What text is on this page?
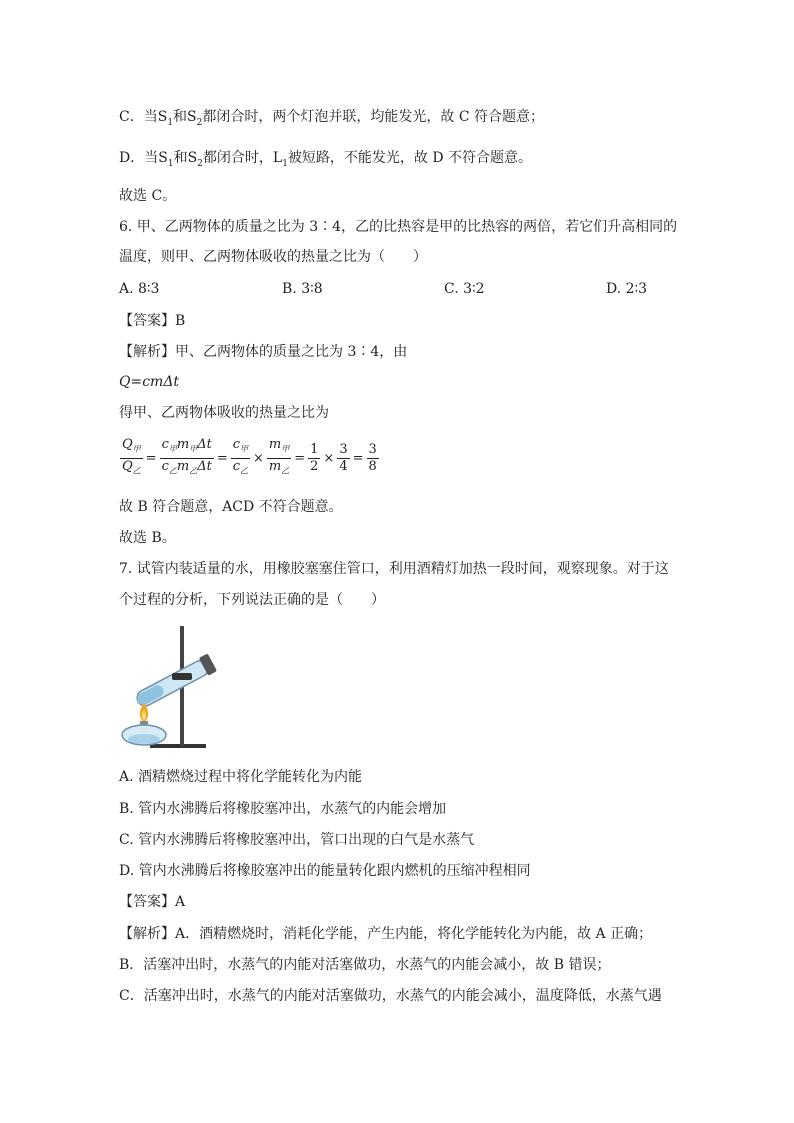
C．当$S_1$和$S_2$都闭合时，两个灯泡并联，均能发光，故 C 符合题意；
D．当$S_1$和$S_2$都闭合时，$L_1$被短路，不能发光，故 D 不符合题意。
故选 C。
6. 甲、乙两物体的质量之比为 3∶4，乙的比热容是甲的比热容的两倍，若它们升高相同的
温度，则甲、乙两物体吸收的热量之比为（　　）
A. 8∶3	B. 3∶8	C. 3∶2	D. 2∶3
【答案】B
【解析】甲、乙两物体的质量之比为 3∶4，由
Q=cmΔt
得甲、乙两物体吸收的热量之比为
$\frac{Q_甲}{Q_乙} = \frac{c_甲m_甲\Delta t}{c_乙m_乙\Delta t} = \frac{c_甲}{c_乙} \times \frac{m_甲}{m_乙} = \frac{1}{2} \times \frac{3}{4} = \frac{3}{8}$
故 B 符合题意，ACD 不符合题意。
故选 B。
7. 试管内装适量的水，用橡胶塞塞住管口，利用酒精灯加热一段时间，观察现象。对于这
个过程的分析，下列说法正确的是（　　）
A. 酒精燃烧过程中将化学能转化为内能
B. 管内水沸腾后将橡胶塞冲出，水蒸气的内能会增加
C. 管内水沸腾后将橡胶塞冲出，管口出现的白气是水蒸气
D. 管内水沸腾后将橡胶塞冲出的能量转化跟内燃机的压缩冲程相同
【答案】A
【解析】A．酒精燃烧时，消耗化学能，产生内能，将化学能转化为内能，故 A 正确；
B．活塞冲出时，水蒸气的内能对活塞做功，水蒸气的内能会减小，故 B 错误；
C．活塞冲出时，水蒸气的内能对活塞做功，水蒸气的内能会减小，温度降低，水蒸气遇
